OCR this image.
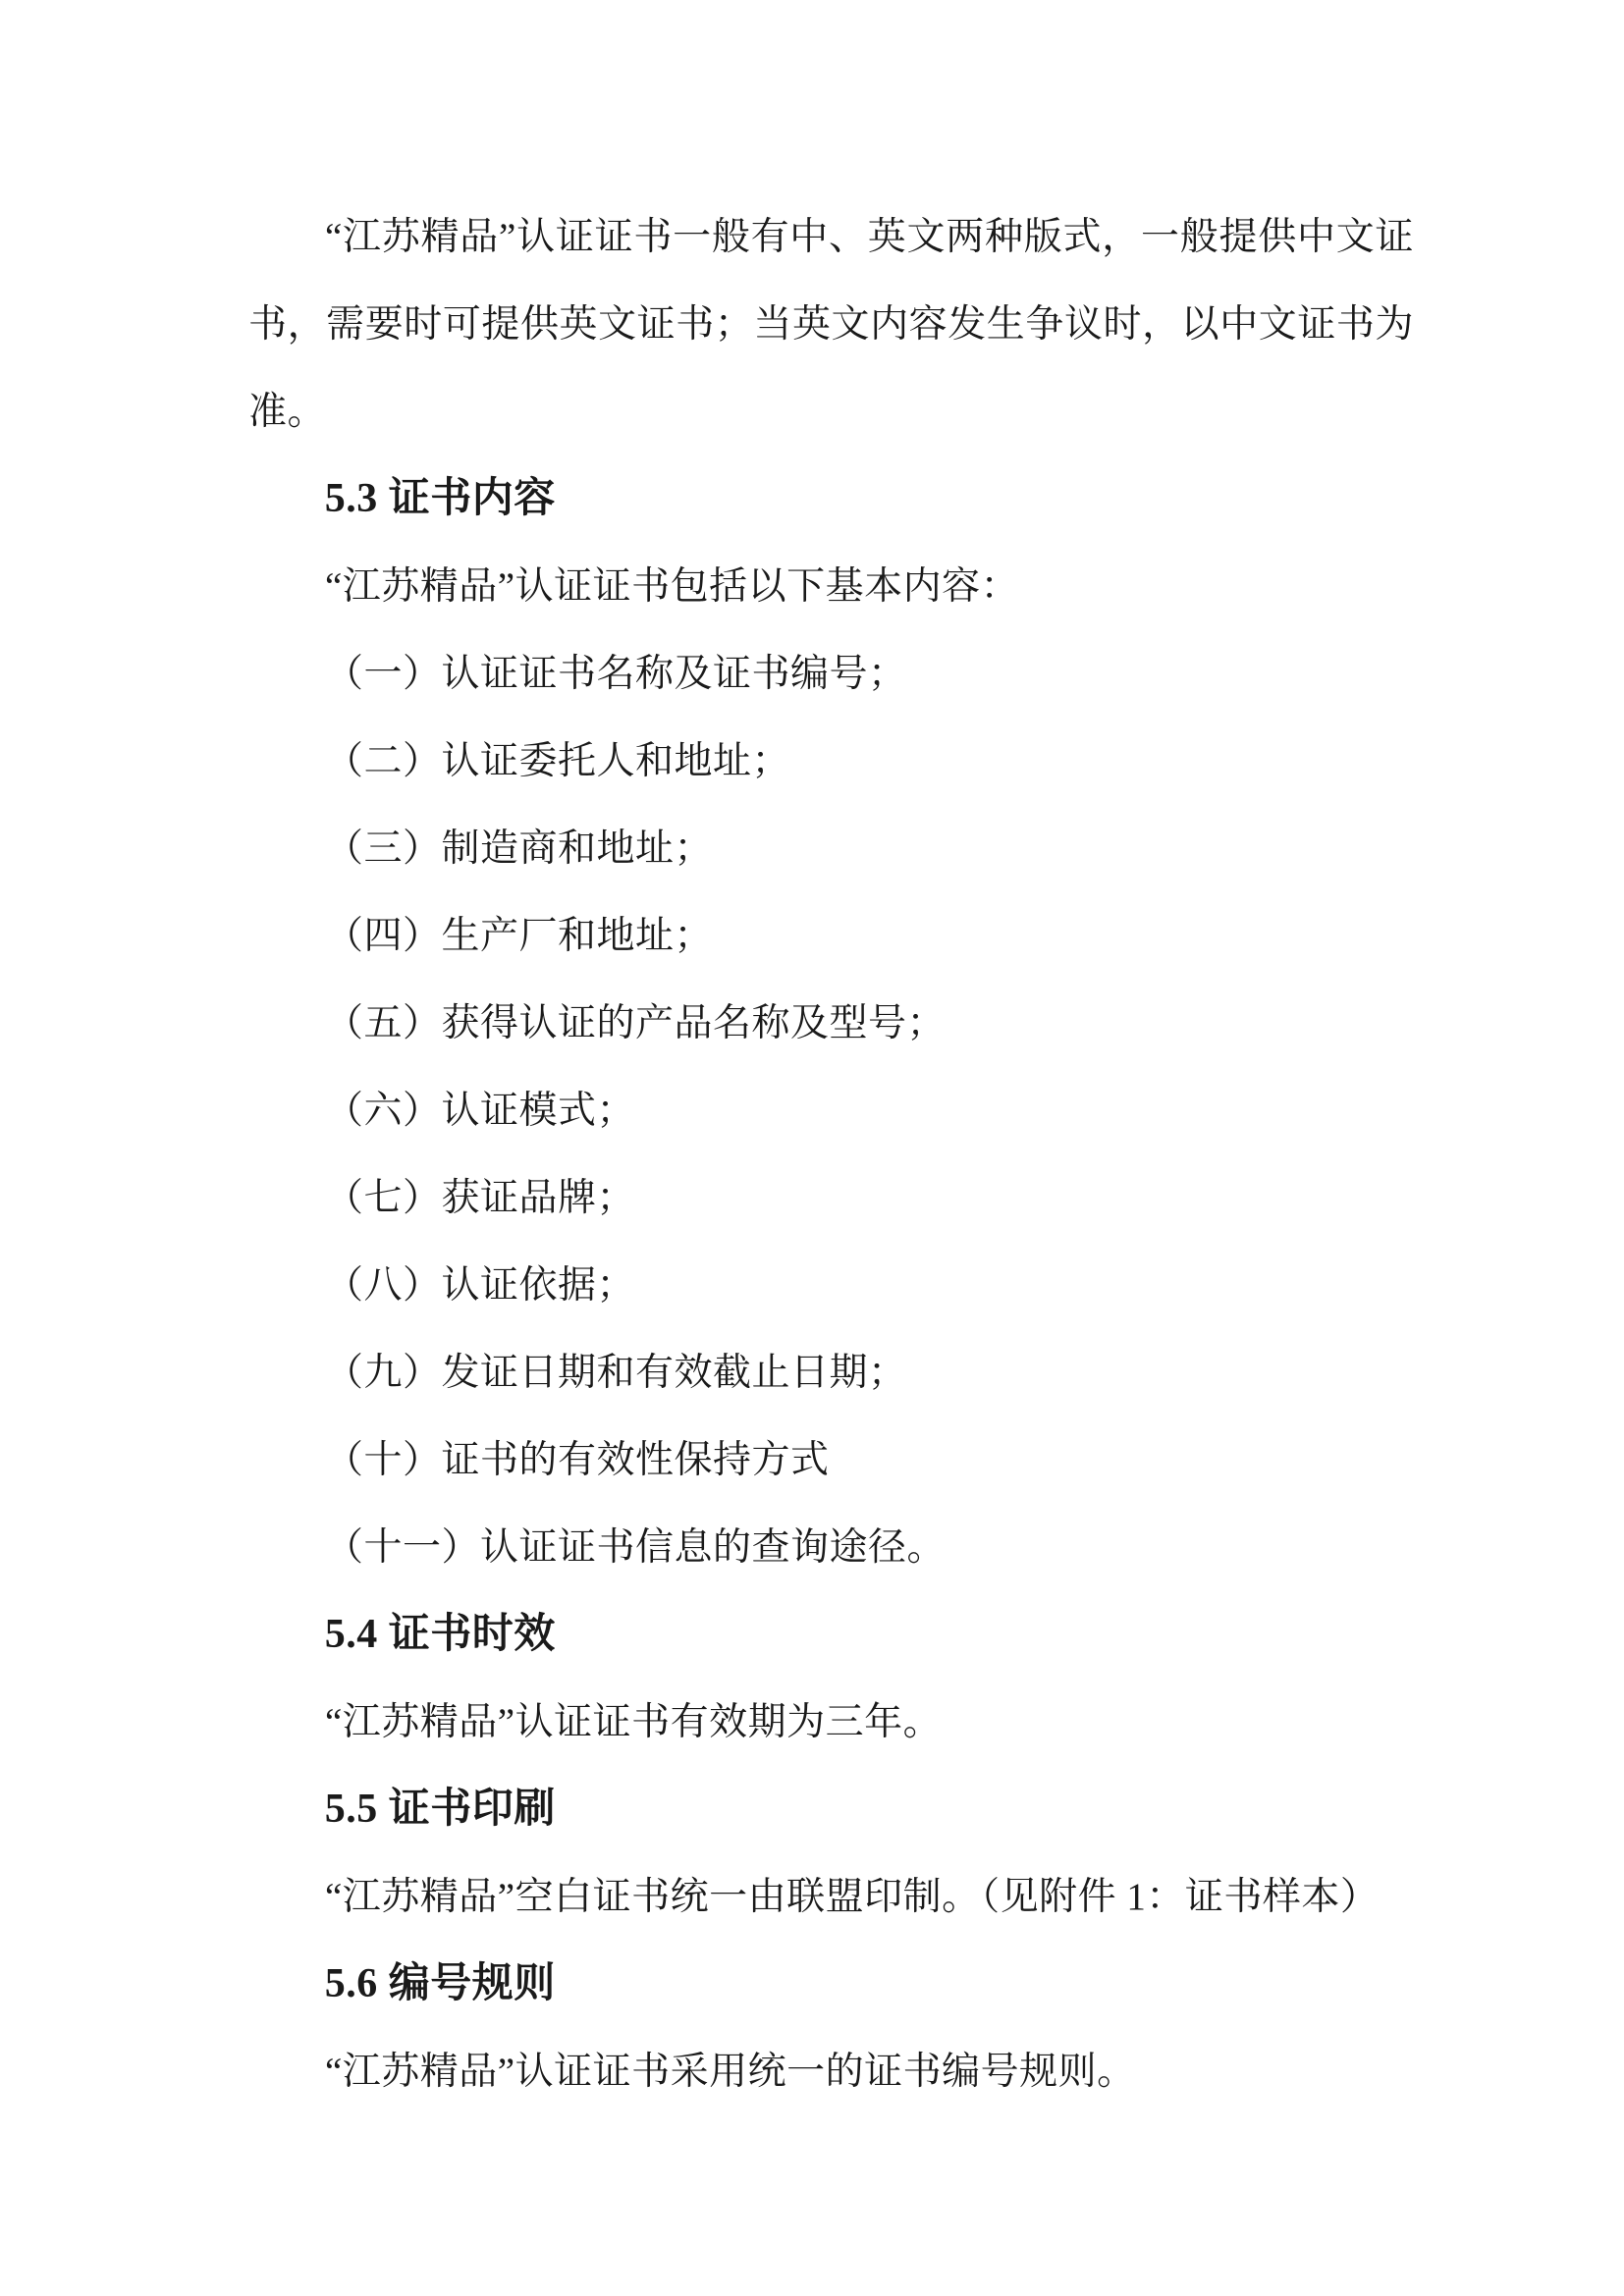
“江苏精品”认证证书一般有中、英文两种版式，一般提供中文证书，需要时可提供英文证书；当英文内容发生争议时，以中文证书为准。
5.3 证书内容
“江苏精品”认证证书包括以下基本内容：
（一）认证证书名称及证书编号；
（二）认证委托人和地址；
（三）制造商和地址；
（四）生产厂和地址；
（五）获得认证的产品名称及型号；
（六）认证模式；
（七）获证品牌；
（八）认证依据；
（九）发证日期和有效截止日期；
（十）证书的有效性保持方式
（十一）认证证书信息的查询途径。
5.4 证书时效
“江苏精品”认证证书有效期为三年。
5.5 证书印刷
“江苏精品”空白证书统一由联盟印制。（见附件 1：证书样本）
5.6 编号规则
“江苏精品”认证证书采用统一的证书编号规则。
